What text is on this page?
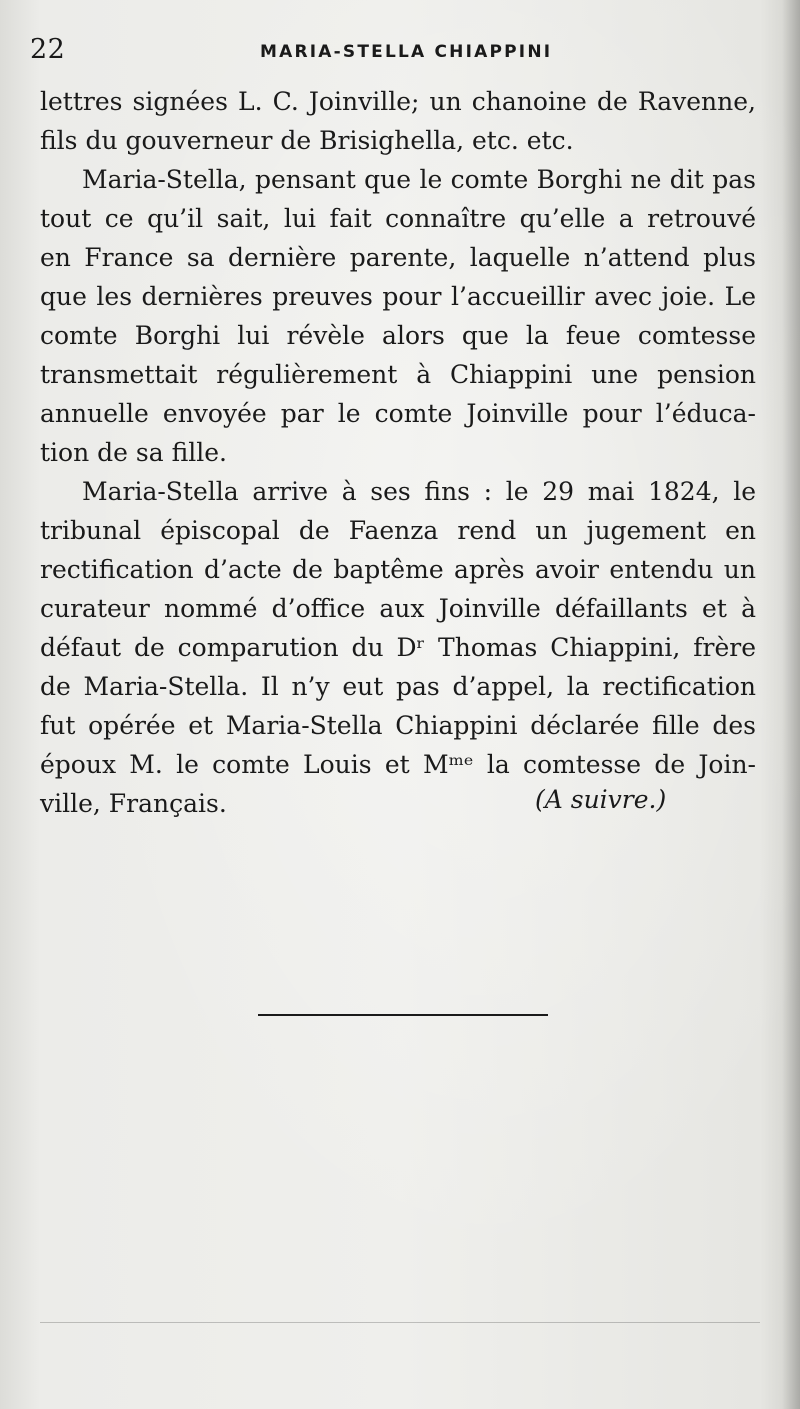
22	MARIA-STELLA CHIAPPINI

lettres signées L. C. Joinville; un chanoine de Ravenne,
fils du gouverneur de Brisighella, etc. etc.

Maria-Stella, pensant que le comte Borghi ne dit pas
tout ce qu’il sait, lui fait connaître qu’elle a retrouvé
en France sa dernière parente, laquelle n’attend plus
que les dernières preuves pour l’accueillir avec joie. Le
comte Borghi lui révèle alors que la feue comtesse
transmettait régulièrement à Chiappini une pension
annuelle envoyée par le comte Joinville pour l’éduca-
tion de sa fille.

Maria-Stella arrive à ses fins : le 29 mai 1824, le
tribunal épiscopal de Faenza rend un jugement en
rectification d’acte de baptême après avoir entendu un
curateur nommé d’office aux Joinville défaillants et à
défaut de comparution du Dʳ Thomas Chiappini, frère
de Maria-Stella. Il n’y eut pas d’appel, la rectification
fut opérée et Maria-Stella Chiappini déclarée fille des
époux M. le comte Louis et Mᵐᵉ la comtesse de Join-
ville, Français.	(A suivre.)
